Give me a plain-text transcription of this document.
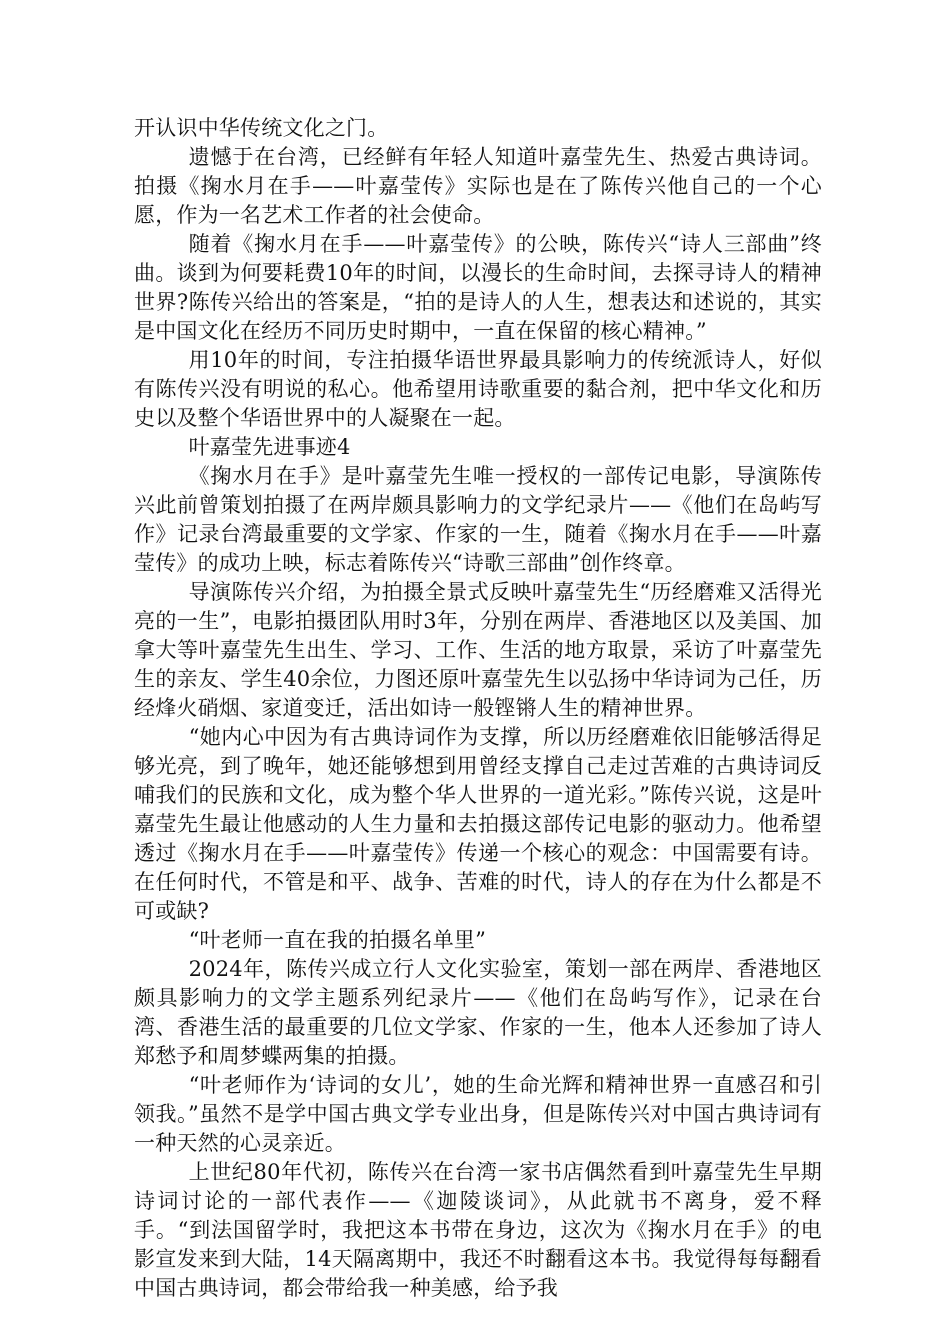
开认识中华传统文化之门。

遗憾于在台湾，已经鲜有年轻人知道叶嘉莹先生、热爱古典诗词。拍摄《掬水月在手——叶嘉莹传》实际也是在了陈传兴他自己的一个心愿，作为一名艺术工作者的社会使命。

随着《掬水月在手——叶嘉莹传》的公映，陈传兴“诗人三部曲”终曲。谈到为何要耗费10年的时间，以漫长的生命时间，去探寻诗人的精神世界?陈传兴给出的答案是，“拍的是诗人的人生，想表达和述说的，其实是中国文化在经历不同历史时期中，一直在保留的核心精神。”

用10年的时间，专注拍摄华语世界最具影响力的传统派诗人，好似有陈传兴没有明说的私心。他希望用诗歌重要的黏合剂，把中华文化和历史以及整个华语世界中的人凝聚在一起。

叶嘉莹先进事迹4

《掬水月在手》是叶嘉莹先生唯一授权的一部传记电影，导演陈传兴此前曾策划拍摄了在两岸颇具影响力的文学纪录片——《他们在岛屿写作》记录台湾最重要的文学家、作家的一生，随着《掬水月在手——叶嘉莹传》的成功上映，标志着陈传兴“诗歌三部曲”创作终章。

导演陈传兴介绍，为拍摄全景式反映叶嘉莹先生“历经磨难又活得光亮的一生”，电影拍摄团队用时3年，分别在两岸、香港地区以及美国、加拿大等叶嘉莹先生出生、学习、工作、生活的地方取景，采访了叶嘉莹先生的亲友、学生40余位，力图还原叶嘉莹先生以弘扬中华诗词为己任，历经烽火硝烟、家道变迁，活出如诗一般铿锵人生的精神世界。

“她内心中因为有古典诗词作为支撑，所以历经磨难依旧能够活得足够光亮，到了晚年，她还能够想到用曾经支撑自己走过苦难的古典诗词反哺我们的民族和文化，成为整个华人世界的一道光彩。”陈传兴说，这是叶嘉莹先生最让他感动的人生力量和去拍摄这部传记电影的驱动力。他希望透过《掬水月在手——叶嘉莹传》传递一个核心的观念：中国需要有诗。在任何时代，不管是和平、战争、苦难的时代，诗人的存在为什么都是不可或缺?

“叶老师一直在我的拍摄名单里”

2024年，陈传兴成立行人文化实验室，策划一部在两岸、香港地区颇具影响力的文学主题系列纪录片——《他们在岛屿写作》，记录在台湾、香港生活的最重要的几位文学家、作家的一生，他本人还参加了诗人郑愁予和周梦蝶两集的拍摄。

“叶老师作为‘诗词的女儿’，她的生命光辉和精神世界一直感召和引领我。”虽然不是学中国古典文学专业出身，但是陈传兴对中国古典诗词有一种天然的心灵亲近。

上世纪80年代初，陈传兴在台湾一家书店偶然看到叶嘉莹先生早期诗词讨论的一部代表作——《迦陵谈词》，从此就书不离身，爱不释手。“到法国留学时，我把这本书带在身边，这次为《掬水月在手》的电影宣发来到大陆，14天隔离期中，我还不时翻看这本书。我觉得每每翻看中国古典诗词，都会带给我一种美感，给予我
